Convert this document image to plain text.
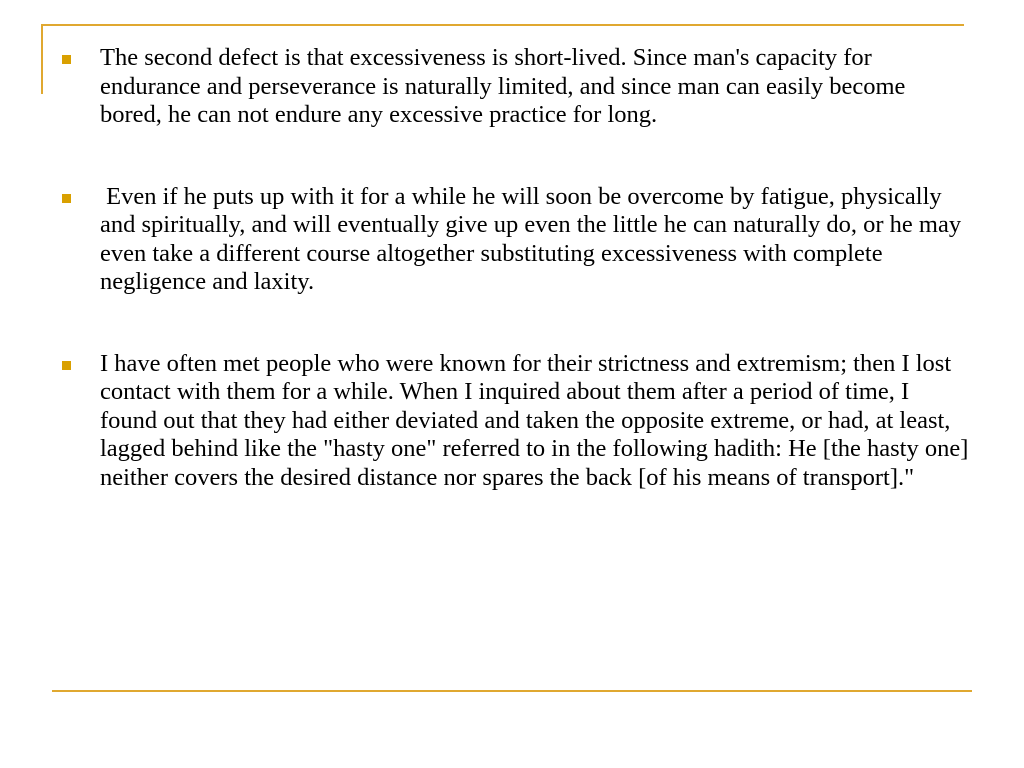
The second defect is that excessiveness is short-lived. Since man's capacity for endurance and perseverance is naturally limited, and since man can easily become bored, he can not endure any excessive practice for long.
Even if he puts up with it for a while he will soon be overcome by fatigue, physically and spiritually, and will eventually give up even the little he can naturally do, or he may even take a different course altogether substituting excessiveness with complete negligence and laxity.
I have often met people who were known for their strictness and extremism; then I lost contact with them for a while. When I inquired about them after a period of time, I found out that they had either deviated and taken the opposite extreme, or had, at least, lagged behind like the "hasty one" referred to in the following hadith: He [the hasty one] neither covers the desired distance nor spares the back [of his means of transport]."
